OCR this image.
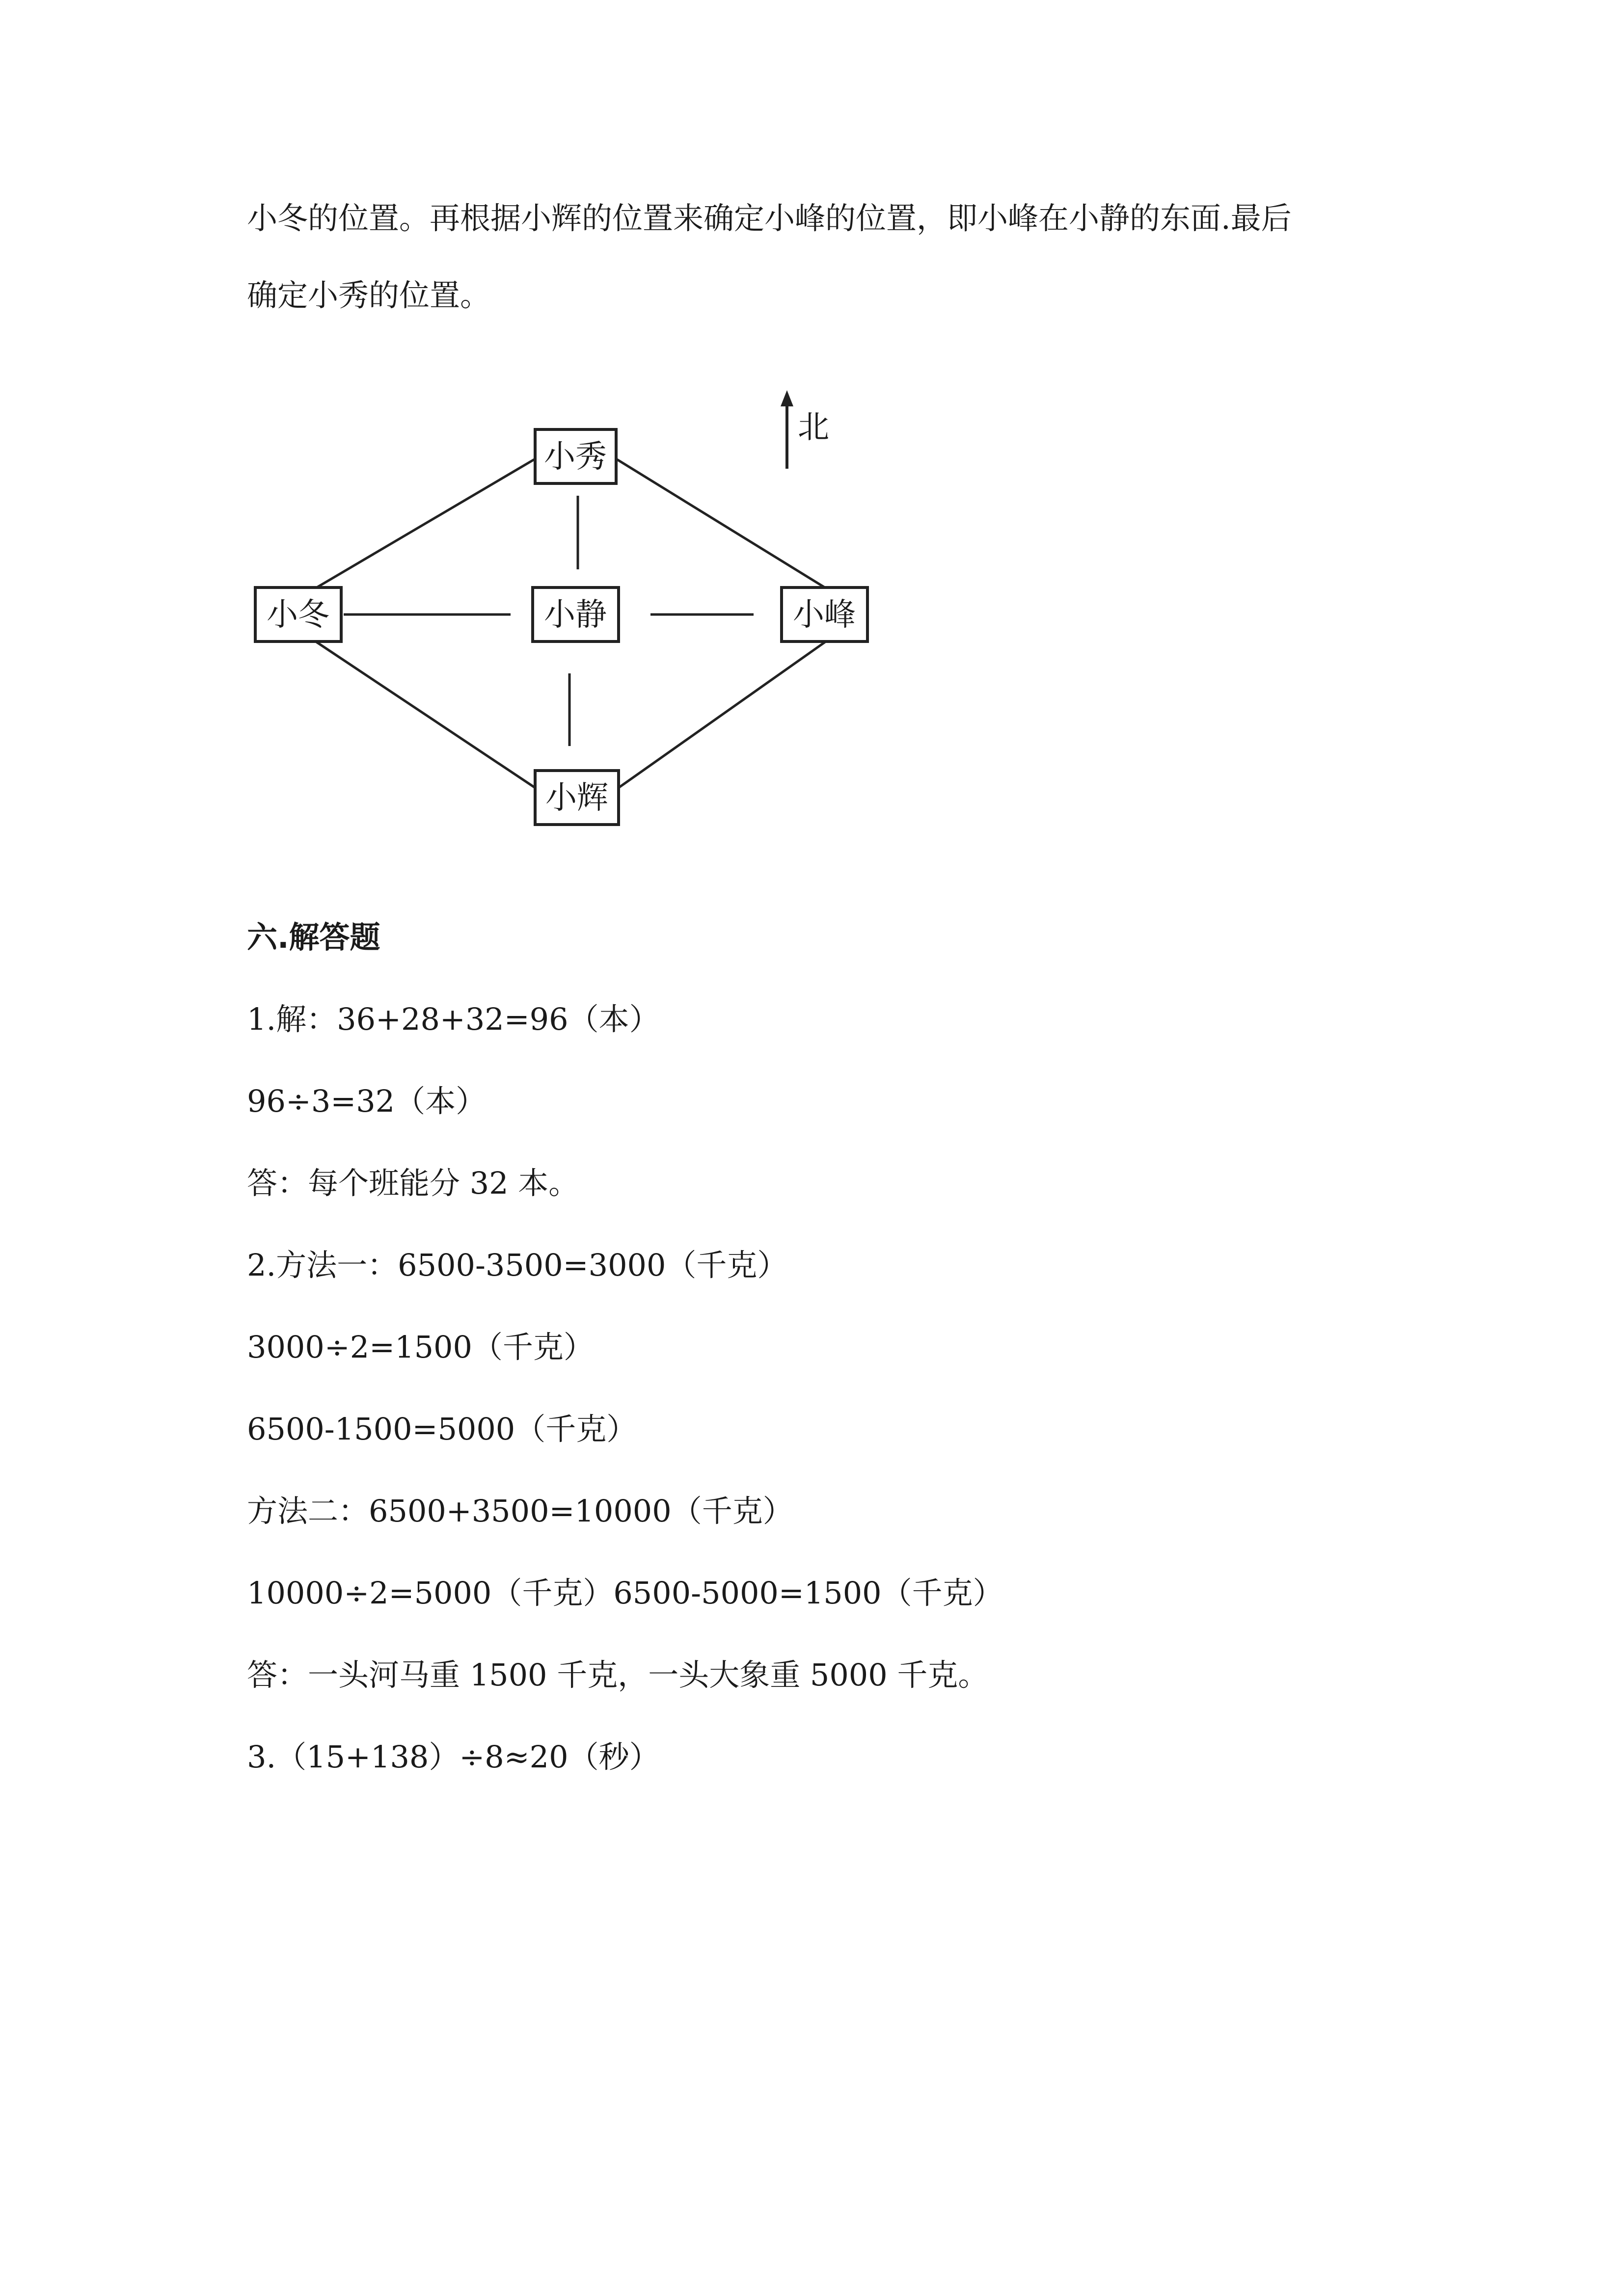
小冬的位置。再根据小辉的位置来确定小峰的位置，即小峰在小静的东面.最后

确定小秀的位置。

小秀
小冬	小静	小峰
小辉
北

六.解答题

1.解：36+28+32=96（本）

96÷3=32（本）

答：每个班能分 32 本。

2.方法一：6500-3500=3000（千克）

3000÷2=1500（千克）

6500-1500=5000（千克）

方法二：6500+3500=10000（千克）

10000÷2=5000（千克）6500-5000=1500（千克）

答：一头河马重 1500 千克，一头大象重 5000 千克。

3.（15+138）÷8≈20（秒）
